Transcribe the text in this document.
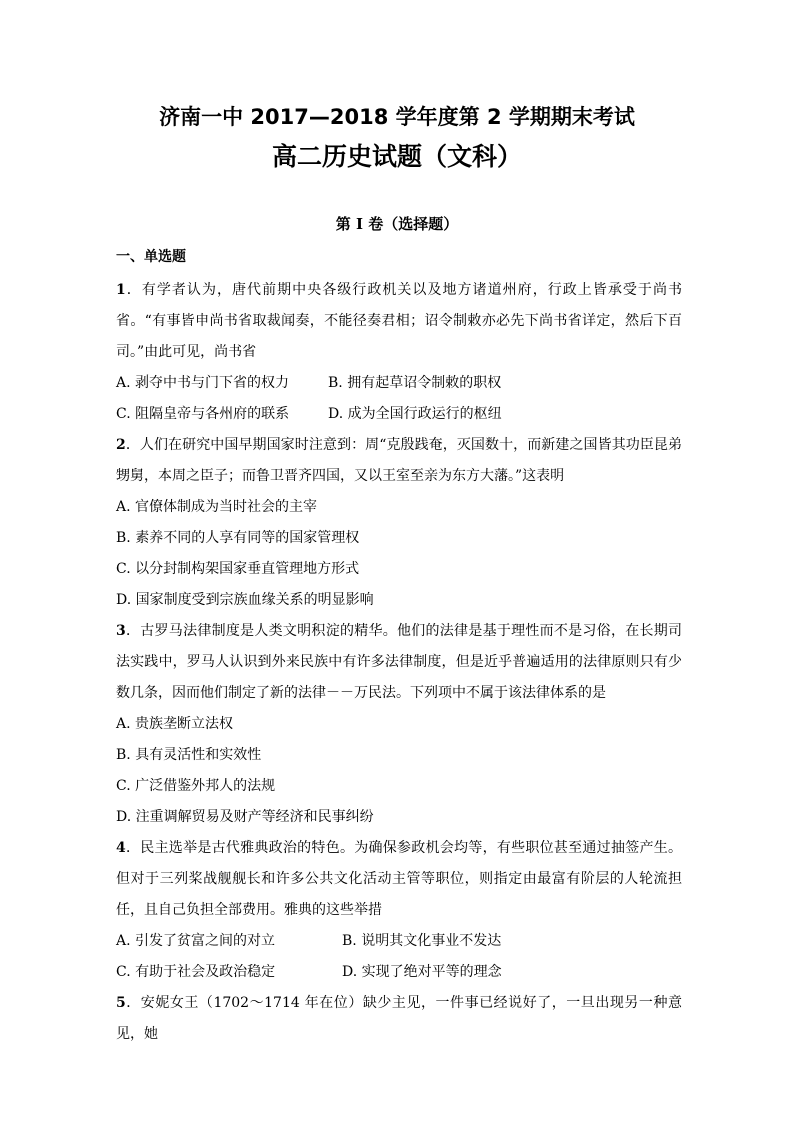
济南一中 2017—2018 学年度第 2 学期期末考试
高二历史试题（文科）
第 I 卷（选择题）
一、单选题

1．有学者认为，唐代前期中央各级行政机关以及地方诸道州府，行政上皆承受于尚书省。“有事皆申尚书省取裁闻奏，不能径奏君相；诏令制敕亦必先下尚书省详定，然后下百司。”由此可见，尚书省

A. 剥夺中书与门下省的权力	B. 拥有起草诏令制敕的职权
C. 阻隔皇帝与各州府的联系	D. 成为全国行政运行的枢纽

2．人们在研究中国早期国家时注意到：周“克殷践奄，灭国数十，而新建之国皆其功臣昆弟甥舅，本周之臣子；而鲁卫晋齐四国，又以王室至亲为东方大藩。”这表明

A. 官僚体制成为当时社会的主宰

B. 素养不同的人享有同等的国家管理权

C. 以分封制构架国家垂直管理地方形式

D. 国家制度受到宗族血缘关系的明显影响

3．古罗马法律制度是人类文明积淀的精华。他们的法律是基于理性而不是习俗，在长期司法实践中，罗马人认识到外来民族中有许多法律制度，但是近乎普遍适用的法律原则只有少数几条，因而他们制定了新的法律－－万民法。下列项中不属于该法律体系的是

A. 贵族垄断立法权

B. 具有灵活性和实效性

C. 广泛借鉴外邦人的法规

D. 注重调解贸易及财产等经济和民事纠纷

4．民主选举是古代雅典政治的特色。为确保参政机会均等，有些职位甚至通过抽签产生。但对于三列桨战舰舰长和许多公共文化活动主管等职位，则指定由最富有阶层的人轮流担任，且自己负担全部费用。雅典的这些举措

A. 引发了贫富之间的对立	B. 说明其文化事业不发达
C. 有助于社会及政治稳定	D. 实现了绝对平等的理念

5．安妮女王（1702～1714 年在位）缺少主见，一件事已经说好了，一旦出现另一种意见，她
